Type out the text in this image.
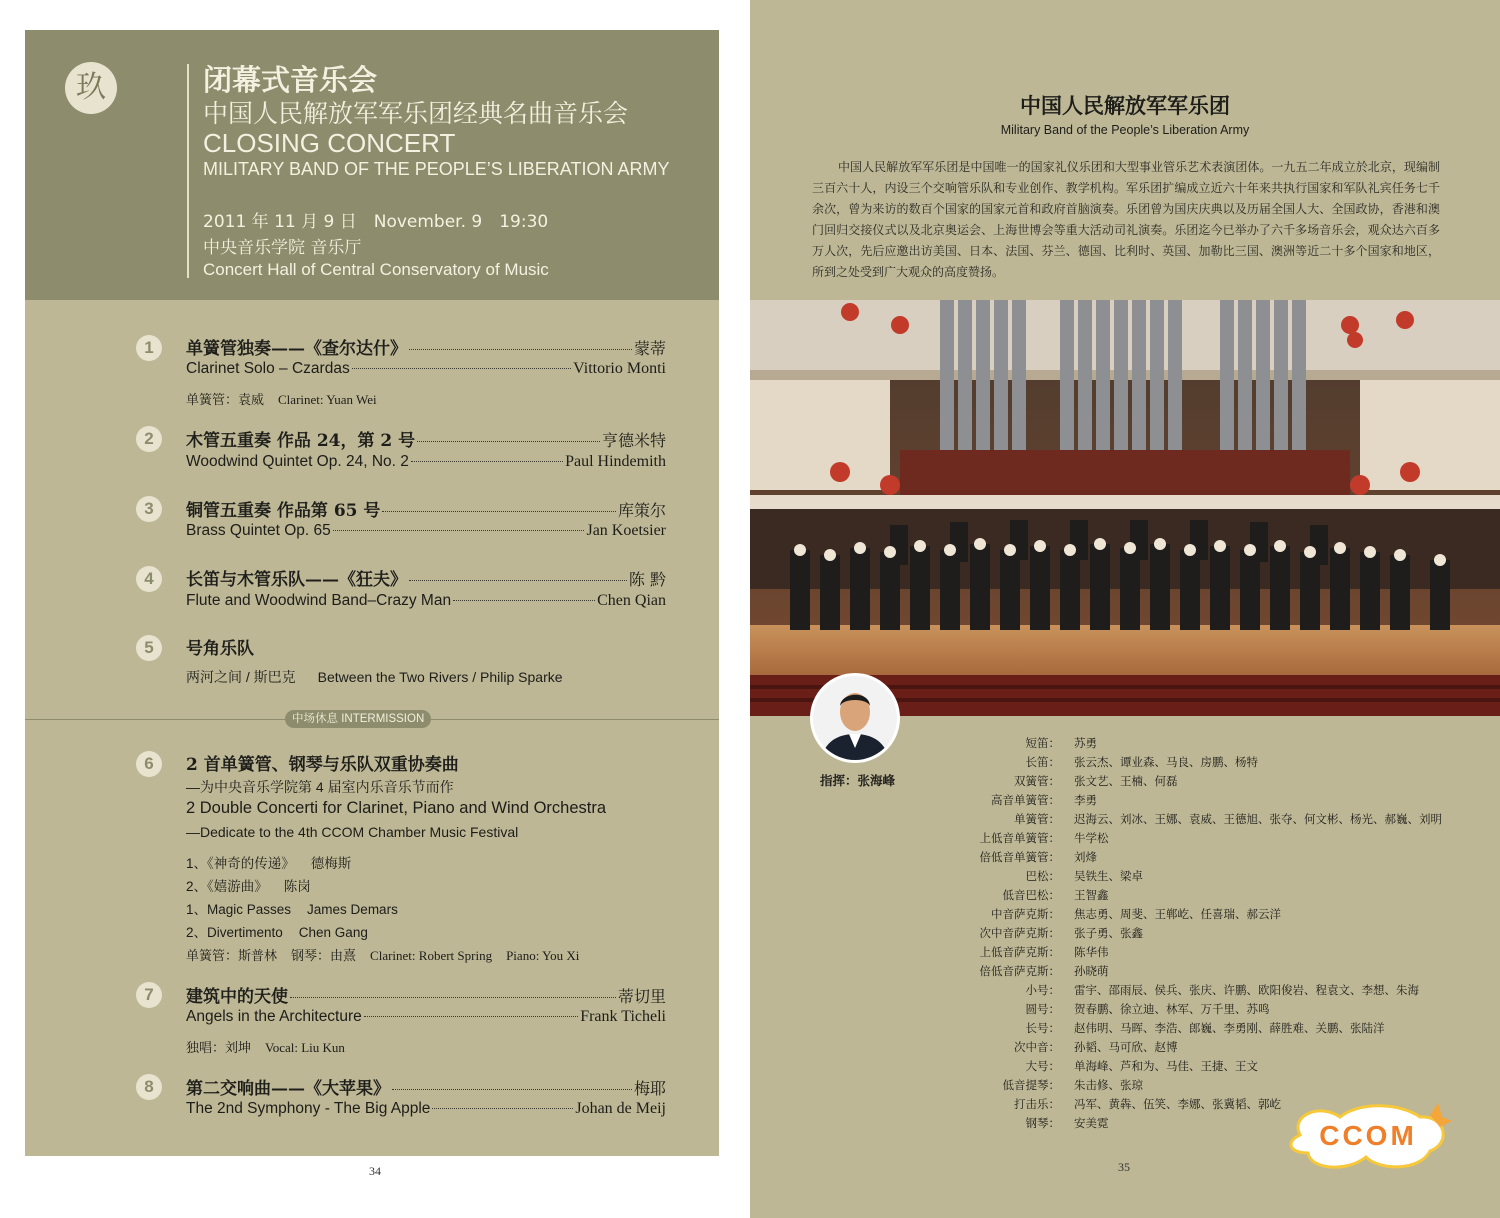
玖	闭幕式音乐会
中国人民解放军军乐团经典名曲音乐会
CLOSING CONCERT
MILITARY BAND OF THE PEOPLE’S LIBERATION ARMY
2011 年 11 月 9 日　November. 9　19:30
中央音乐学院 音乐厅
Concert Hall of Central Conservatory of Music
1	单簧管独奏——《查尔达什》	蒙蒂
Clarinet Solo – Czardas	Vittorio Monti
单簧管：袁威 Clarinet: Yuan Wei
2	木管五重奏 作品 24，第 2 号	亨德米特
Woodwind Quintet Op. 24, No. 2	Paul Hindemith
3	铜管五重奏 作品第 65 号	库策尔
Brass Quintet Op. 65	Jan Koetsier
4	长笛与木管乐队——《狂夫》	陈 黔
Flute and Woodwind Band–Crazy Man	Chen Qian
5	号角乐队
两河之间 / 斯巴克 Between the Two Rivers / Philip Sparke
中场休息 INTERMISSION
6	2 首单簧管、钢琴与乐队双重协奏曲
—为中央音乐学院第 4 届室内乐音乐节而作
2 Double Concerti for Clarinet, Piano and Wind Orchestra
—Dedicate to the 4th CCOM Chamber Music Festival
1、《神奇的传递》 德梅斯
2、《嬉游曲》 陈岗
1、Magic Passes James Demars
2、Divertimento Chen Gang
单簧管：斯普林 钢琴：由熹 Clarinet: Robert Spring Piano: You Xi
7	建筑中的天使	蒂切里
Angels in the Architecture	Frank Ticheli
独唱：刘坤 Vocal: Liu Kun
8	第二交响曲——《大苹果》	梅耶
The 2nd Symphony - The Big Apple	Johan de Meij
34
中国人民解放军军乐团
Military Band of the People’s Liberation Army
中国人民解放军军乐团是中国唯一的国家礼仪乐团和大型事业管乐艺术表演团体。一九五二年成立於北京，现编制三百六十人，内设三个交响管乐队和专业创作、教学机构。军乐团扩编成立近六十年来共执行国家和军队礼宾任务七千余次，曾为来访的数百个国家的国家元首和政府首脑演奏。乐团曾为国庆庆典以及历届全国人大、全国政协，香港和澳门回归交接仪式以及北京奥运会、上海世博会等重大活动司礼演奏。乐团迄今已举办了六千多场音乐会，观众达六百多万人次，先后应邀出访美国、日本、法国、芬兰、德国、比利时、英国、加勒比三国、澳洲等近二十多个国家和地区，所到之处受到广大观众的高度赞扬。
指挥：张海峰
短笛： 苏勇
长笛： 张云杰、谭业森、马良、房鹏、杨特
双簧管： 张文艺、王楠、何磊
高音单簧管： 李勇
单簧管： 迟海云、刘冰、王娜、袁威、王德旭、张夺、何文彬、杨光、郝巍、刘明
上低音单簧管： 牛学松
倍低音单簧管： 刘烽
巴松： 吴铁生、梁卓
低音巴松： 王智鑫
中音萨克斯： 焦志勇、周斐、王郸屹、任喜瑞、郝云洋
次中音萨克斯： 张子勇、张鑫
上低音萨克斯： 陈华伟
倍低音萨克斯： 孙晓萌
小号： 雷宇、邵雨辰、侯兵、张庆、许鹏、欧阳俊岩、程袁文、李想、朱海
圆号： 贺春鹏、徐立迪、林军、万千里、苏鸣
长号： 赵伟明、马晖、李浩、郎巍、李勇刚、薛胜难、关鹏、张陆洋
次中音： 孙韬、马可欣、赵博
大号： 单海峰、芦和为、马佳、王捷、王文
低音提琴： 朱击修、张琼
打击乐： 冯军、黄犇、伍笑、李娜、张冀韬、郭屹
钢琴： 安美霓	CCOM
35
